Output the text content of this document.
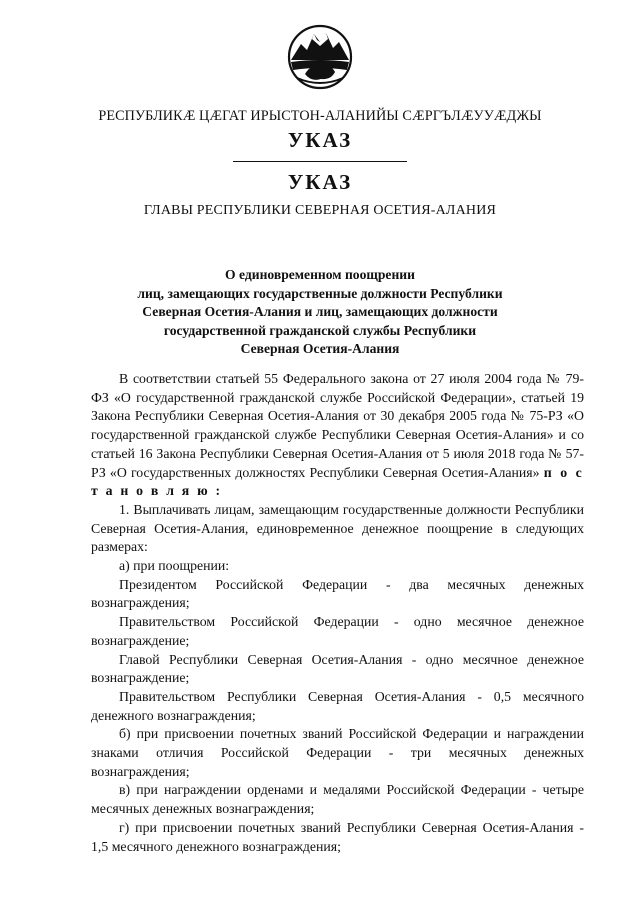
РЕСПУБЛИКӔ ЦӔГАТ ИРЫСТОН-АЛАНИЙЫ СӔРГЪЛӔУУӔДЖЫ
УКАЗ
УКАЗ
ГЛАВЫ РЕСПУБЛИКИ СЕВЕРНАЯ ОСЕТИЯ-АЛАНИЯ
О единовременном поощрении
лиц, замещающих государственные должности Республики
Северная Осетия-Алания и лиц, замещающих должности
государственной гражданской службы Республики
Северная Осетия-Алания

В соответствии статьей 55 Федерального закона от 27 июля 2004 года № 79-ФЗ «О государственной гражданской службе Российской Федерации», статьей 19 Закона Республики Северная Осетия-Алания от 30 декабря 2005 года № 75-РЗ «О государственной гражданской службе Республики Северная Осетия-Алания» и со статьей 16 Закона Республики Северная Осетия-Алания от 5 июля 2018 года № 57-РЗ «О государственных должностях Республики Северная Осетия-Алания» п о с т а н о в л я ю :

1. Выплачивать лицам, замещающим государственные должности Республики Северная Осетия-Алания, единовременное денежное поощрение в следующих размерах:

а) при поощрении:

Президентом Российской Федерации - два месячных денежных вознаграждения;

Правительством Российской Федерации - одно месячное денежное вознаграждение;

Главой Республики Северная Осетия-Алания - одно месячное денежное вознаграждение;

Правительством Республики Северная Осетия-Алания - 0,5 месячного денежного вознаграждения;

б) при присвоении почетных званий Российской Федерации и награждении знаками отличия Российской Федерации - три месячных денежных вознаграждения;

в) при награждении орденами и медалями Российской Федерации - четыре месячных денежных вознаграждения;

г) при присвоении почетных званий Республики Северная Осетия-Алания - 1,5 месячного денежного вознаграждения;
